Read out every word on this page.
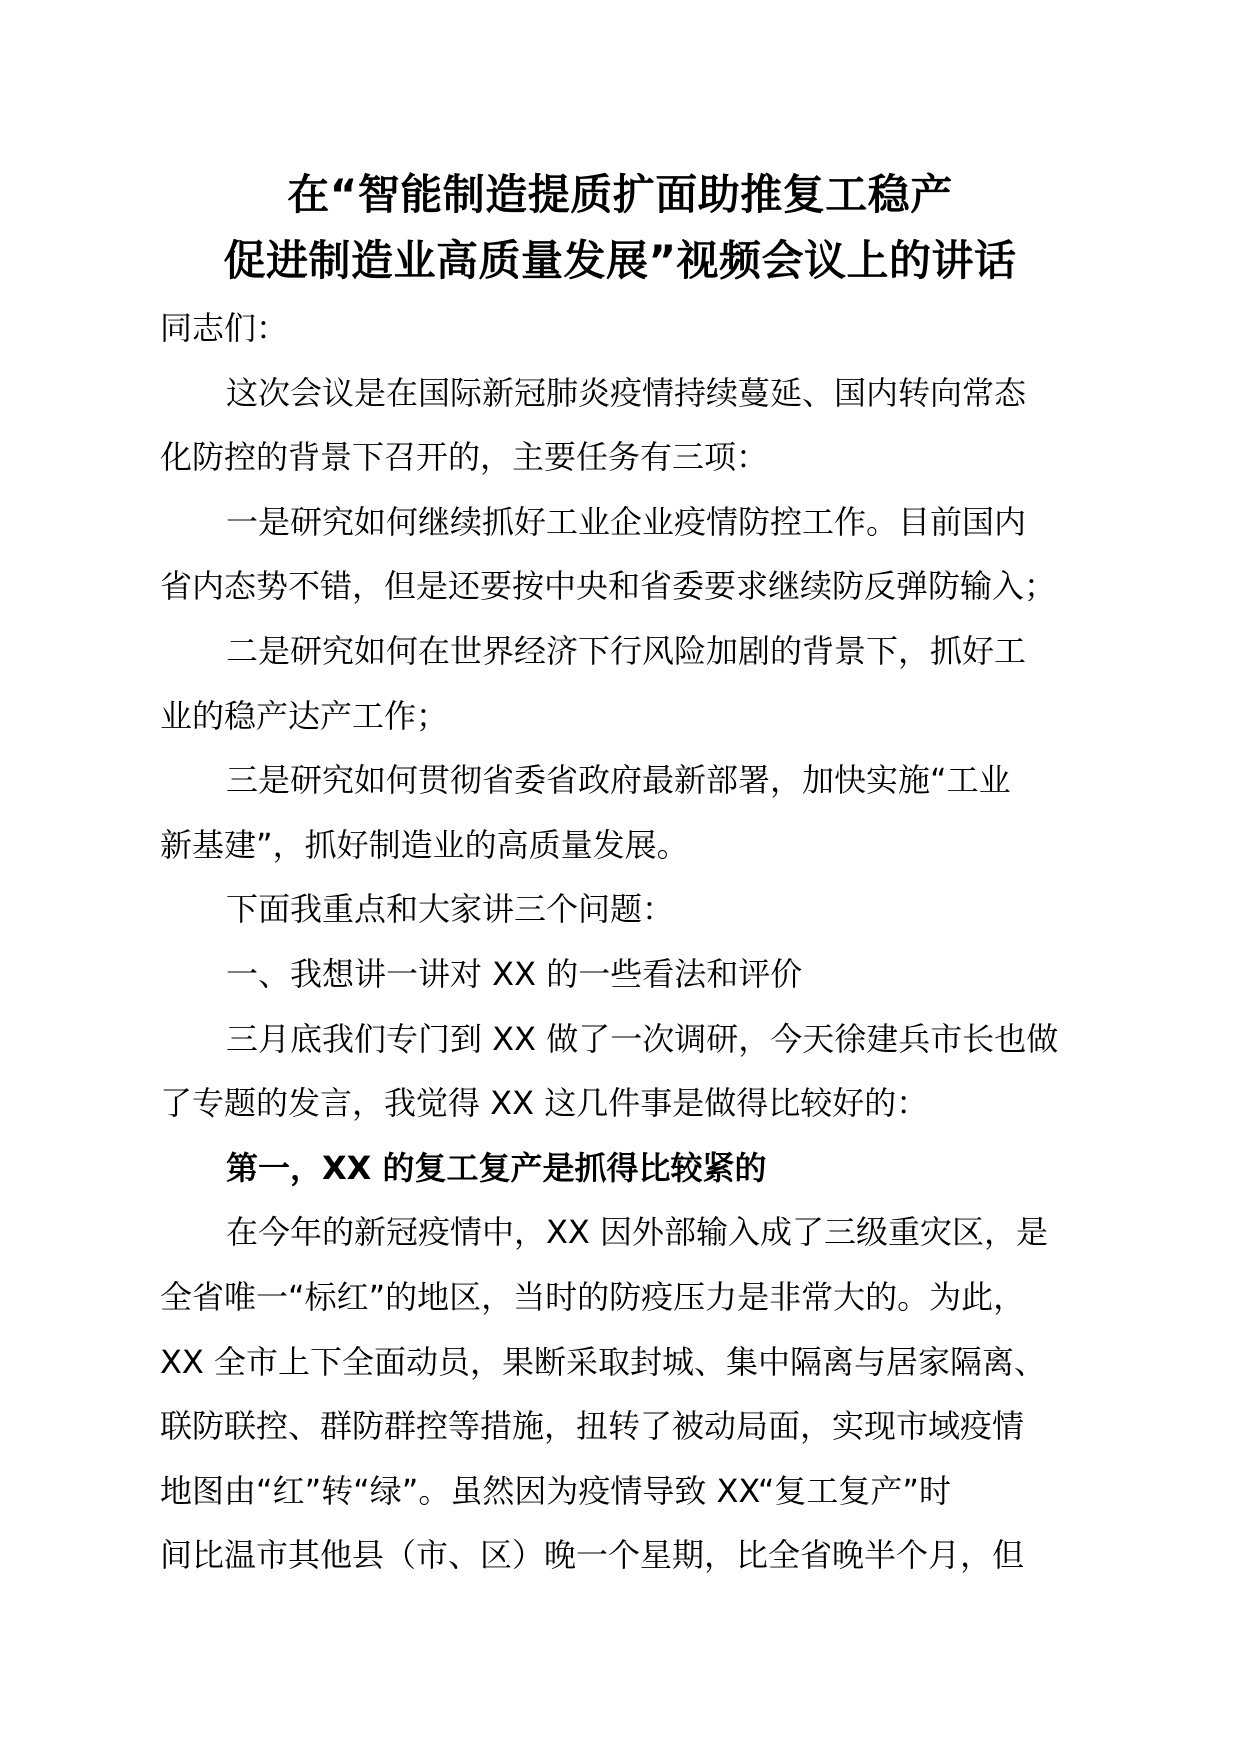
在“智能制造提质扩面助推复工稳产
促进制造业高质量发展”视频会议上的讲话

同志们：

这次会议是在国际新冠肺炎疫情持续蔓延、国内转向常态

化防控的背景下召开的，主要任务有三项：

一是研究如何继续抓好工业企业疫情防控工作。目前国内

省内态势不错，但是还要按中央和省委要求继续防反弹防输入；

二是研究如何在世界经济下行风险加剧的背景下，抓好工

业的稳产达产工作；

三是研究如何贯彻省委省政府最新部署，加快实施“工业

新基建”，抓好制造业的高质量发展。

下面我重点和大家讲三个问题：

一、我想讲一讲对 XX 的一些看法和评价

三月底我们专门到 XX 做了一次调研，今天徐建兵市长也做

了专题的发言，我觉得 XX 这几件事是做得比较好的：

第一，XX 的复工复产是抓得比较紧的

在今年的新冠疫情中，XX 因外部输入成了三级重灾区，是

全省唯一“标红”的地区，当时的防疫压力是非常大的。为此，

XX 全市上下全面动员，果断采取封城、集中隔离与居家隔离、

联防联控、群防群控等措施，扭转了被动局面，实现市域疫情

地图由“红”转“绿”。虽然因为疫情导致 XX“复工复产”时

间比温市其他县（市、区）晚一个星期，比全省晚半个月，但
